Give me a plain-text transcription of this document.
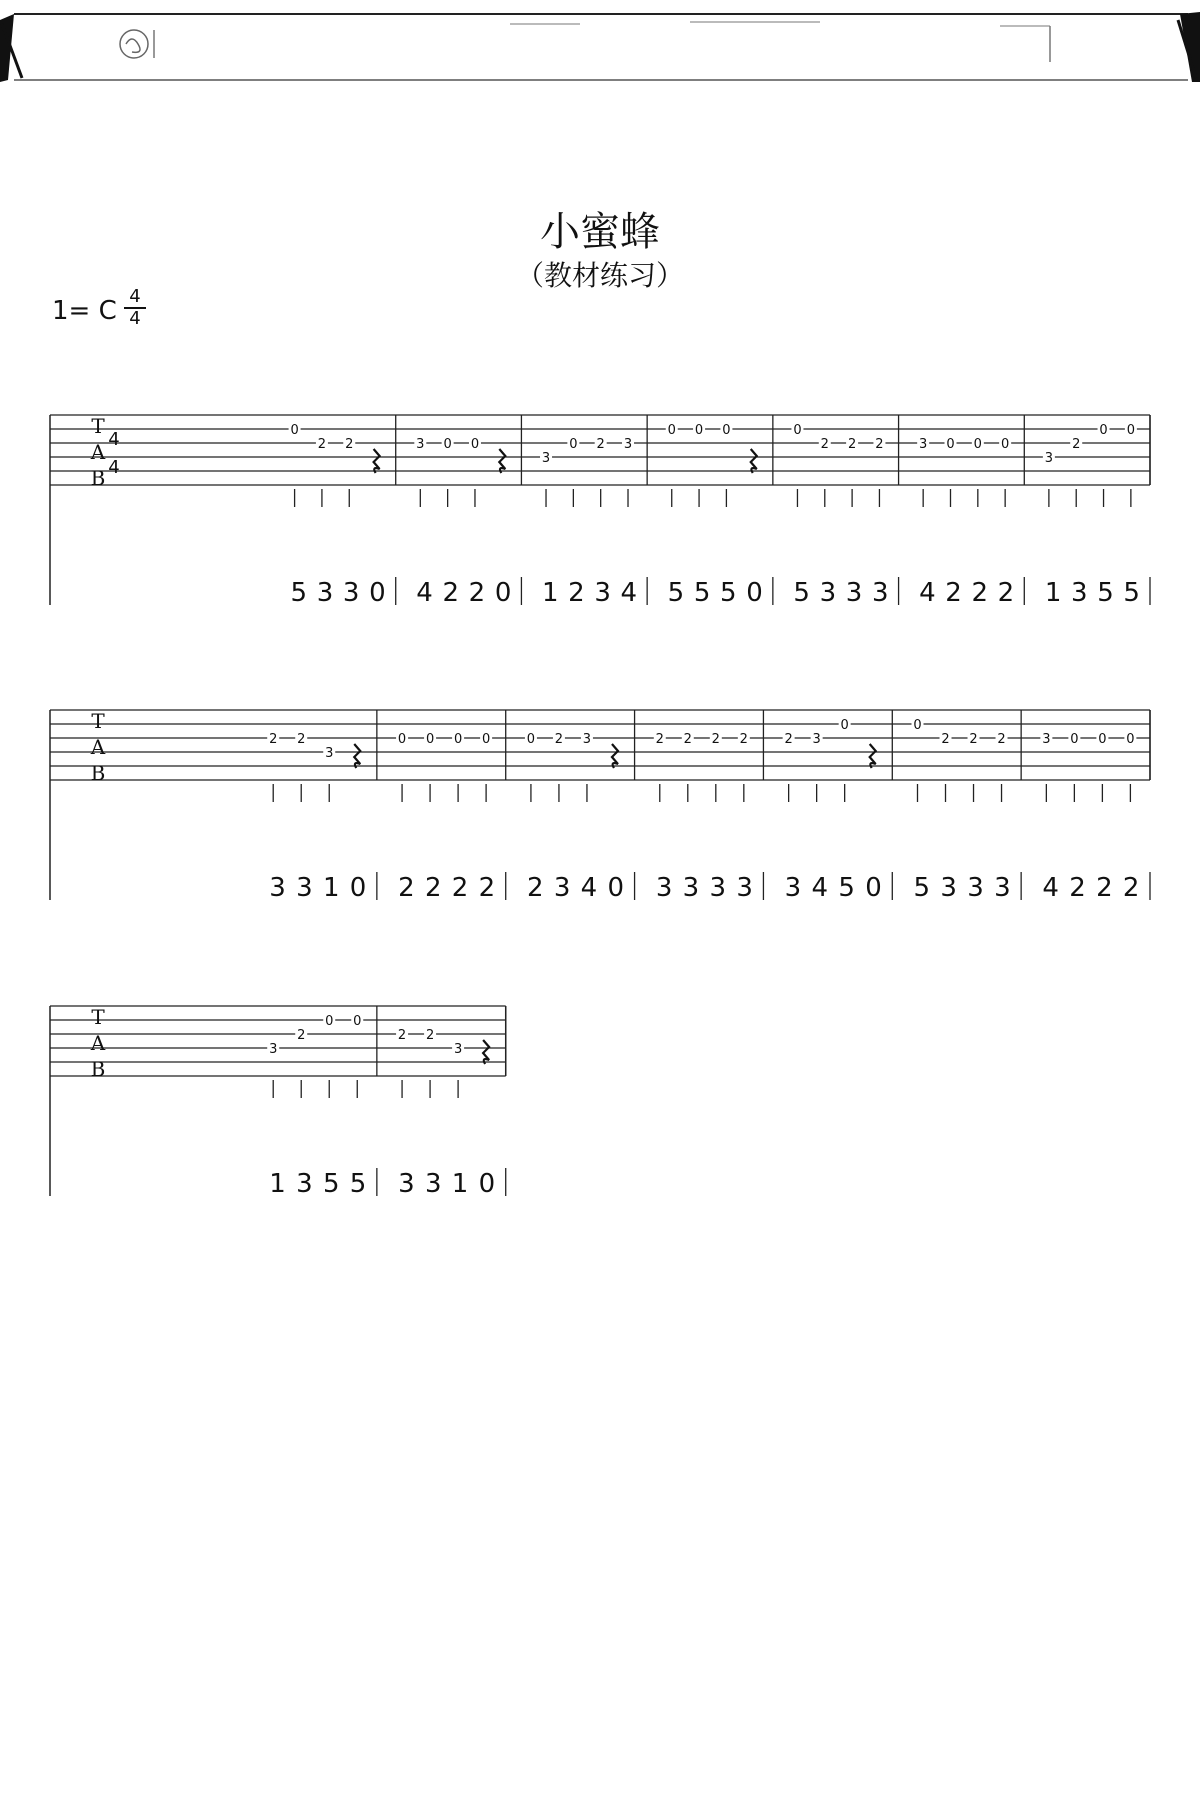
小蜜蜂
（教材练习）
1= C 4
4
T
A
B
4
4
0
2 2
5 3 3 0
3 0 0
4 2 2 0
3
0 2 3
1 2 3 4
0 0 0
5 5 5 0
0
2 2 2
5 3 3 3
3 0 0 0
4 2 2 2
3
2
0 0
1 3 5 5
T
A
B
2 2
3
3 3 1 0
0 0 0 0
2 2 2 2
0 2 3
2 3 4 0
2 2 2 2
3 3 3 3
2 3
0
3 4 5 0
0
2 2 2
5 3 3 3
3 0 0 0
4 2 2 2
T
A
B
3
2
0 0
1 3 5 5
2 2
3
3 3 1 0
